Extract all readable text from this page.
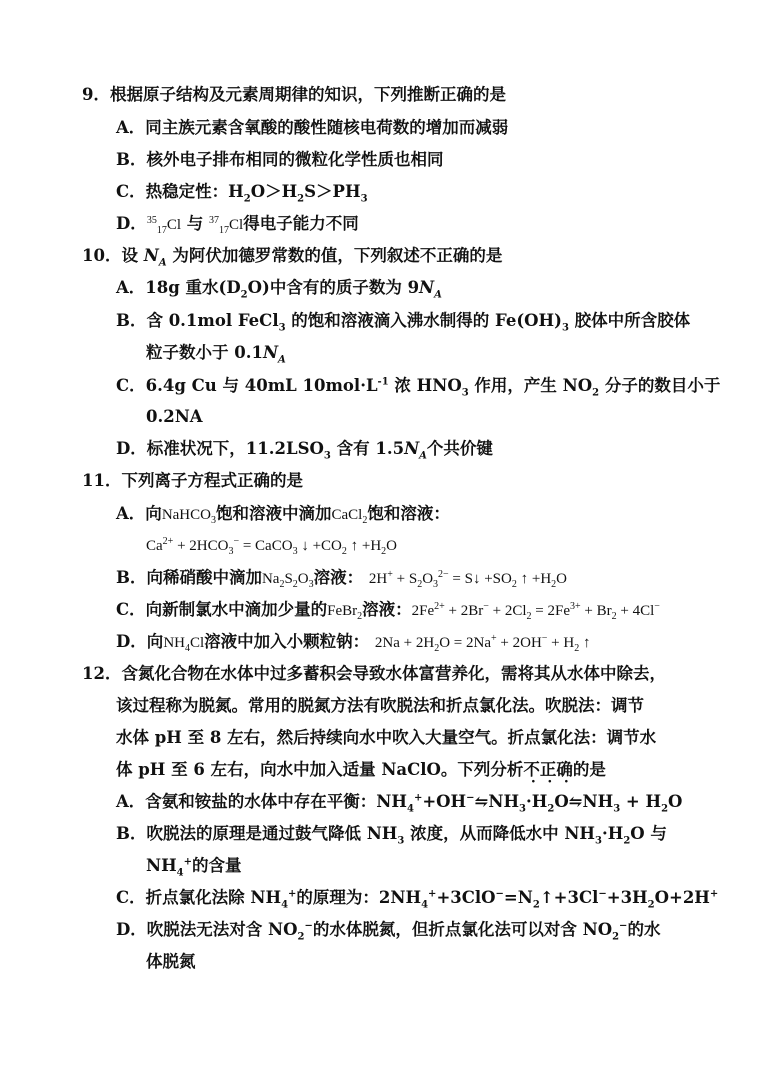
9．根据原子结构及元素周期律的知识，下列推断正确的是
A．同主族元素含氧酸的酸性随核电荷数的增加而减弱
B．核外电子排布相同的微粒化学性质也相同
C．热稳定性：$H_2O>H_2S>PH_3$
D．$^{35}_{17}$Cl 与 $^{37}_{17}$Cl得电子能力不同
10．设 $N_A$ 为阿伏加德罗常数的值，下列叙述不正确的是
A．18g 重水$(D_2O)$中含有的质子数为 $9N_A$
B．含 0.1mol FeCl$_3$ 的饱和溶液滴入沸水制得的 $Fe(OH)_3$ 胶体中所含胶体
粒子数小于 $0.1N_A$
C．6.4g Cu 与 40mL $10mol\cdot L^{-1}$ 浓 $HNO_3$ 作用，产生 $NO_2$ 分子的数目小于
0.2NA
D．标准状况下，$11.2LSO_3$ 含有 $1.5N_A$个共价键
11．下列离子方程式正确的是
A．向NaHCO$_3$饱和溶液中滴加CaCl$_2$饱和溶液：
$Ca^{2+} + 2HCO_3^-$ = CaCO$_3$ ↓ $+CO_2$ ↑ $+H_2O$
B．向稀硝酸中滴加$Na_2S_2O_3$溶液： $2H^+ + S_2O_3^{2-}$ = S↓ $+SO_2$ ↑ $+H_2O$
C．向新制氯水中滴加少量的FeBr$_2$溶液：$2Fe^{2+} + 2Br^- + 2Cl_2 = 2Fe^{3+} + Br_2 + 4Cl^-$
D．向$NH_4Cl$溶液中加入小颗粒钠： $2Na + 2H_2O = 2Na^+ + 2OH^- + H_2$ ↑
12．含氮化合物在水体中过多蓄积会导致水体富营养化，需将其从水体中除去，
该过程称为脱氮。常用的脱氮方法有吹脱法和折点氯化法。吹脱法：调节
水体 pH 至 8 左右，然后持续向水中吹入大量空气。折点氯化法：调节水
体 pH 至 6 左右，向水中加入适量 NaClO。下列分析不正确的是
A．含氨和铵盐的水体中存在平衡：$NH_4^++OH^-⇋NH_3\cdot H_2O⇋NH_3 + H_2O$
B．吹脱法的原理是通过鼓气降低 $NH_3$ 浓度，从而降低水中 $NH_3\cdot H_2O$ 与
$NH_4^+$的含量
C．折点氯化法除 $NH_4^+$的原理为：$2NH_4^++3ClO^-=N_2↑+3Cl^-+3H_2O+2H^+$
D．吹脱法无法对含 $NO_2^-$的水体脱氮，但折点氯化法可以对含 $NO_2^-$的水
体脱氮
